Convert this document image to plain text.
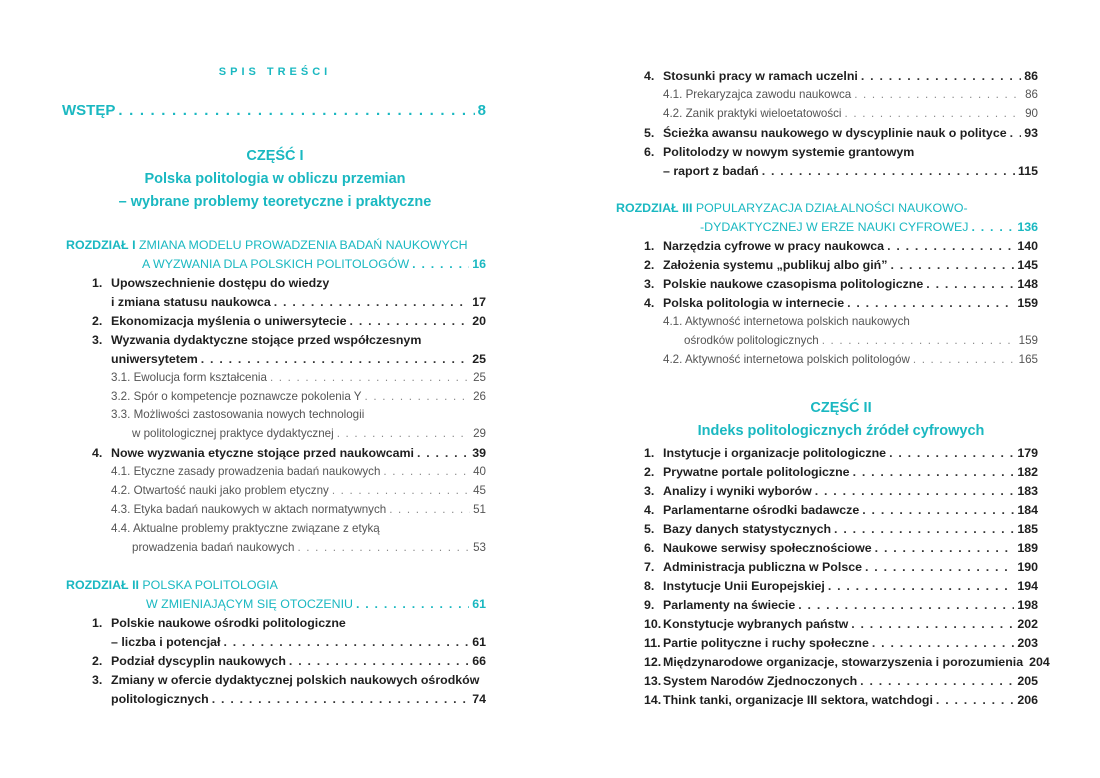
SPIS TREŚCI
WSTĘP . . .	8
CZĘŚĆ I
Polska politologia w obliczu przemian
– wybrane problemy teoretyczne i praktyczne
ROZDZIAŁ I ZMIANA MODELU PROWADZENIA BADAŃ NAUKOWYCH
A WYZWANIA DLA POLSKICH POLITOLOGÓW . . .	16
1. Upowszechnienie dostępu do wiedzy
i zmiana statusu naukowca . . .	17
2. Ekonomizacja myślenia o uniwersytecie . . .	20
3. Wyzwania dydaktyczne stojące przed współczesnym
uniwersytetem . . .	25
3.1. Ewolucja form kształcenia . . .	25
3.2. Spór o kompetencje poznawcze pokolenia Y . . .	26
3.3. Możliwości zastosowania nowych technologii
w politologicznej praktyce dydaktycznej . . .	29
4. Nowe wyzwania etyczne stojące przed naukowcami . . .	39
4.1. Etyczne zasady prowadzenia badań naukowych . . .	40
4.2. Otwartość nauki jako problem etyczny . . .	45
4.3. Etyka badań naukowych w aktach normatywnych . . .	51
4.4. Aktualne problemy praktyczne związane z etyką
prowadzenia badań naukowych . . .	53
ROZDZIAŁ II POLSKA POLITOLOGIA
W ZMIENIAJĄCYM SIĘ OTOCZENIU . . .	61
1. Polskie naukowe ośrodki politologiczne
– liczba i potencjał . . .	61
2. Podział dyscyplin naukowych . . .	66
3. Zmiany w ofercie dydaktycznej polskich naukowych ośrodków
politologicznych . . .	74
4. Stosunki pracy w ramach uczelni . . .	86
4.1. Prekaryzajca zawodu naukowca . . .	86
4.2. Zanik praktyki wieloetatowości . . .	90
5. Ścieżka awansu naukowego w dyscyplinie nauk o polityce . . . 93
6. Politolodzy w nowym systemie grantowym
– raport z badań . . .	115
ROZDZIAŁ III POPULARYZACJA DZIAŁALNOŚCI NAUKOWO-
-DYDAKTYCZNEJ W ERZE NAUKI CYFROWEJ . . .	136
1. Narzędzia cyfrowe w pracy naukowca . . .	140
2. Założenia systemu „publikuj albo giń” . . .	145
3. Polskie naukowe czasopisma politologiczne . . .	148
4. Polska politologia w internecie . . .	159
4.1. Aktywność internetowa polskich naukowych
ośrodków politologicznych . . .	159
4.2. Aktywność internetowa polskich politologów . . .	165
CZĘŚĆ II
Indeks politologicznych źródeł cyfrowych
1. Instytucje i organizacje politologiczne . . .	179
2. Prywatne portale politologiczne . . .	182
3. Analizy i wyniki wyborów . . .	183
4. Parlamentarne ośrodki badawcze . . .	184
5. Bazy danych statystycznych . . .	185
6. Naukowe serwisy społecznościowe . . .	189
7. Administracja publiczna w Polsce . . .	190
8. Instytucje Unii Europejskiej . . .	194
9. Parlamenty na świecie . . .	198
10. Konstytucje wybranych państw . . .	202
11. Partie polityczne i ruchy społeczne . . .	203
12. Międzynarodowe organizacje, stowarzyszenia i porozumienia 204
13. System Narodów Zjednoczonych . . .	205
14. Think tanki, organizacje III sektora, watchdogi . . .	206
